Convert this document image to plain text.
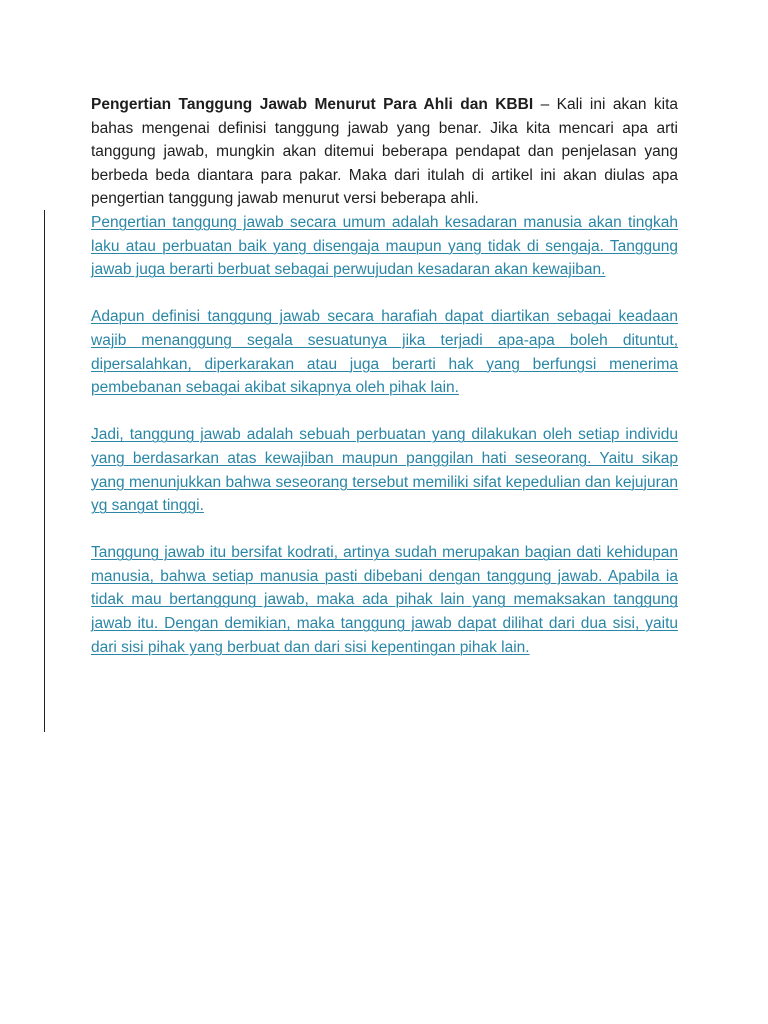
Pengertian Tanggung Jawab Menurut Para Ahli dan KBBI – Kali ini akan kita bahas mengenai definisi tanggung jawab yang benar. Jika kita mencari apa arti tanggung jawab, mungkin akan ditemui beberapa pendapat dan penjelasan yang berbeda beda diantara para pakar. Maka dari itulah di artikel ini akan diulas apa pengertian tanggung jawab menurut versi beberapa ahli.

Pengertian tanggung jawab secara umum adalah kesadaran manusia akan tingkah laku atau perbuatan baik yang disengaja maupun yang tidak di sengaja. Tanggung jawab juga berarti berbuat sebagai perwujudan kesadaran akan kewajiban.

Adapun definisi tanggung jawab secara harafiah dapat diartikan sebagai keadaan wajib menanggung segala sesuatunya jika terjadi apa-apa boleh dituntut, dipersalahkan, diperkarakan atau juga berarti hak yang berfungsi menerima pembebanan sebagai akibat sikapnya oleh pihak lain.

Jadi, tanggung jawab adalah sebuah perbuatan yang dilakukan oleh setiap individu yang berdasarkan atas kewajiban maupun panggilan hati seseorang. Yaitu sikap yang menunjukkan bahwa seseorang tersebut memiliki sifat kepedulian dan kejujuran yg sangat tinggi.

Tanggung jawab itu bersifat kodrati, artinya sudah merupakan bagian dati kehidupan manusia, bahwa setiap manusia pasti dibebani dengan tanggung jawab. Apabila ia tidak mau bertanggung jawab, maka ada pihak lain yang memaksakan tanggung jawab itu. Dengan demikian, maka tanggung jawab dapat dilihat dari dua sisi, yaitu dari sisi pihak yang berbuat dan dari sisi kepentingan pihak lain.
